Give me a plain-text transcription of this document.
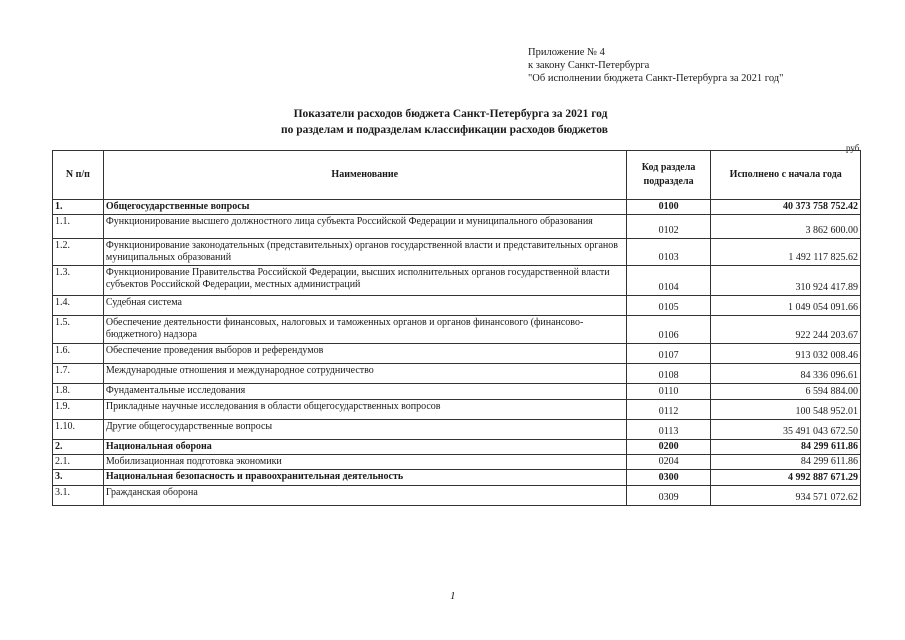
Приложение № 4
к закону Санкт-Петербурга
"Об исполнении бюджета Санкт-Петербурга за 2021 год"
Показатели расходов бюджета Санкт-Петербурга за 2021 год
по разделам и подразделам классификации расходов бюджетов
руб.
N п/п	Наименование	Код раздела подраздела	Исполнено с начала года
1.	Общегосударственные вопросы	0100	40 373 758 752.42
1.1.	Функционирование высшего должностного лица субъекта Российской Федерации и муниципального образования	0102	3 862 600.00
1.2.	Функционирование законодательных (представительных) органов государственной власти и представительных органов муниципальных образований	0103	1 492 117 825.62
1.3.	Функционирование Правительства Российской Федерации, высших исполнительных органов государственной власти субъектов Российской Федерации, местных администраций	0104	310 924 417.89
1.4.	Судебная система	0105	1 049 054 091.66
1.5.	Обеспечение деятельности финансовых, налоговых и таможенных органов и органов финансового (финансово-бюджетного) надзора	0106	922 244 203.67
1.6.	Обеспечение проведения выборов и референдумов	0107	913 032 008.46
1.7.	Международные отношения и международное сотрудничество	0108	84 336 096.61
1.8.	Фундаментальные исследования	0110	6 594 884.00
1.9.	Прикладные научные исследования в области общегосударственных вопросов	0112	100 548 952.01
1.10.	Другие общегосударственные вопросы	0113	35 491 043 672.50
2.	Национальная оборона	0200	84 299 611.86
2.1.	Мобилизационная подготовка экономики	0204	84 299 611.86
3.	Национальная безопасность и правоохранительная деятельность	0300	4 992 887 671.29
3.1.	Гражданская оборона	0309	934 571 072.62
1
